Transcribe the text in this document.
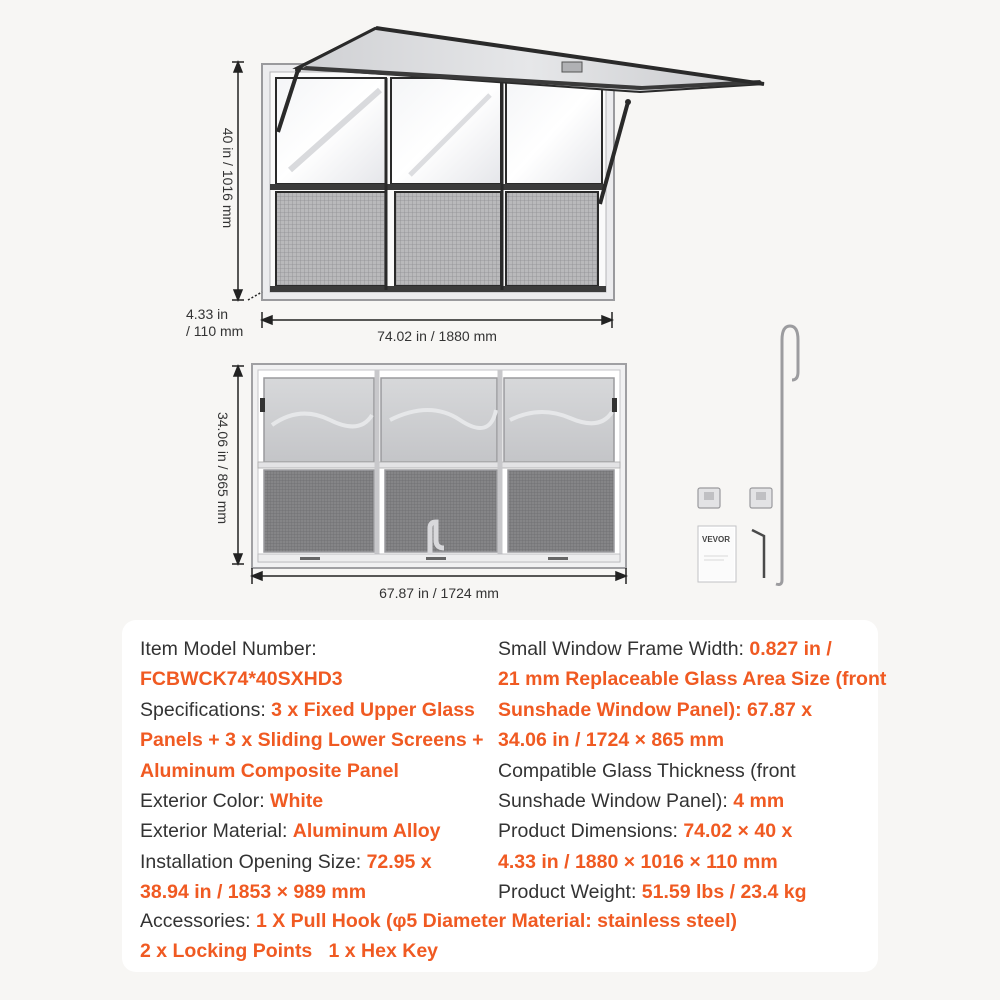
40 in / 1016 mm
4.33 in
/ 110 mm	74.02 in / 1880 mm
34.06 in / 865 mm
67.87 in / 1724 mm
VEVOR
Item Model Number:
FCBWCK74*40SXHD3
Specifications: 3 x Fixed Upper Glass
Panels + 3 x Sliding Lower Screens +
Aluminum Composite Panel
Exterior Color: White
Exterior Material: Aluminum Alloy
Installation Opening Size: 72.95 x
38.94 in / 1853 × 989 mm
Small Window Frame Width: 0.827 in /
21 mm Replaceable Glass Area Size (front
Sunshade Window Panel): 67.87 x
34.06 in / 1724 × 865 mm
Compatible Glass Thickness (front
Sunshade Window Panel): 4 mm
Product Dimensions: 74.02 × 40 x
4.33 in / 1880 × 1016 × 110 mm
Product Weight: 51.59 lbs / 23.4 kg
Accessories: 1 X Pull Hook (φ5 Diameter Material: stainless steel)
2 x Locking Points   1 x Hex Key
